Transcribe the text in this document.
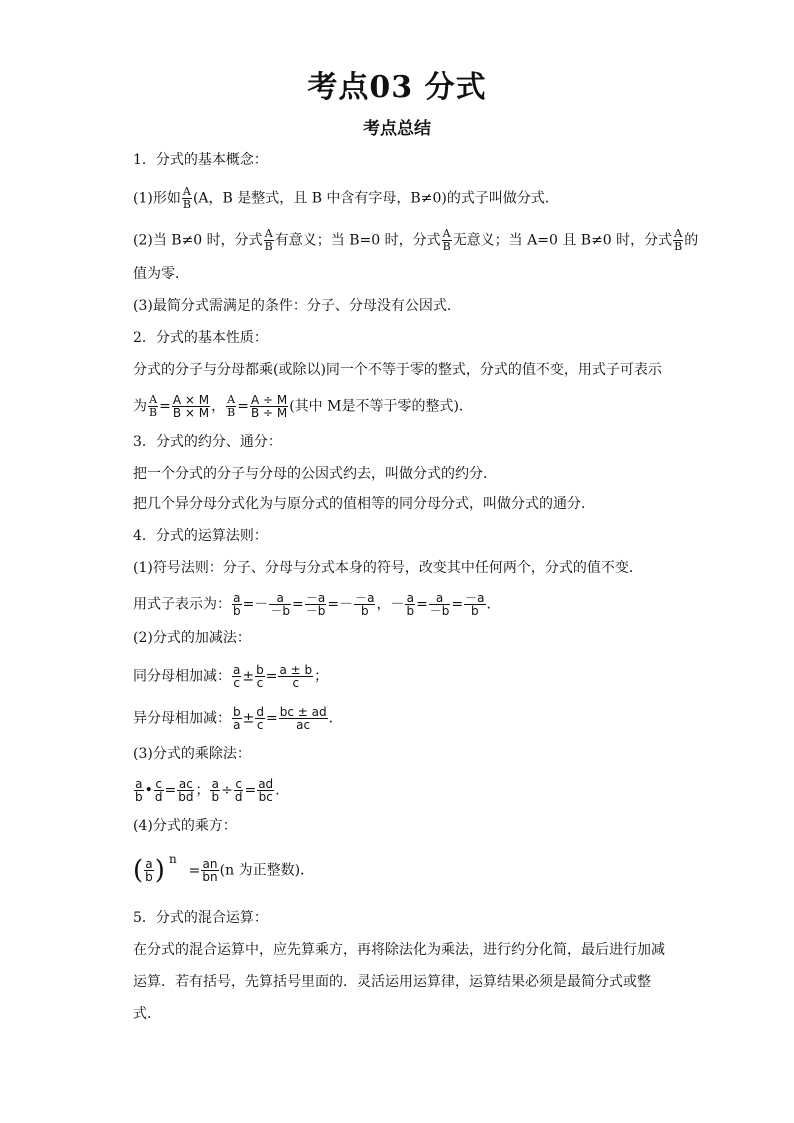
考点03 分式
考点总结
1．分式的基本概念：
(1)形如 $\frac{A}{B} (A$，B 是整式，且 B 中含有字母，B≠0)的式子叫做分式．
(2)当 B≠0 时，分式 $\frac{A}{B}$ 有意义；当 B=0 时，分式 $\frac{A}{B}$ 无意义；当 A=0 且 B≠0 时，分式 $\frac{A}{B}$ 的
值为零．
(3)最简分式需满足的条件：分子、分母没有公因式．
2．分式的基本性质：
分式的分子与分母都乘(或除以)同一个不等于零的整式，分式的值不变，用式子可表示
为 $\frac{A}{B} = \frac{A \times M}{B \times M}$ ， $\frac{A}{B} = \frac{A \div M}{B \div M}$ (其中 M是不等于零的整式)．
3．分式的约分、通分：
把一个分式的分子与分母的公因式约去，叫做分式的约分．
把几个异分母分式化为与原分式的值相等的同分母分式，叫做分式的通分．
4．分式的运算法则：
(1)符号法则：分子、分母与分式本身的符号，改变其中任何两个，分式的值不变．
用式子表示为： $\frac{a}{b} =- \frac{a}{-b} = \frac{-a}{-b} =- \frac{-a}{b}$ ，－ $\frac{a}{b} = \frac{a}{-b} = \frac{-a}{b}$ ．
(2)分式的加减法：
同分母相加减： $\frac{a}{c} \pm \frac{b}{c} = \frac{a \pm b}{c}$ ；
异分母相加减： $\frac{b}{a} \pm \frac{d}{c} = \frac{bc \pm ad}{ac}$ ．
(3)分式的乘除法：
$\frac{a}{b}$ • $\frac{c}{d} = \frac{ac}{bd}$ ； $\frac{a}{b} \div \frac{c}{d} = \frac{ad}{bc}$ ．
(4)分式的乘方：
( $\frac{a}{b}$ ) $n= \frac{an}{bn} (n$ 为正整数)．
5．分式的混合运算：
在分式的混合运算中，应先算乘方，再将除法化为乘法，进行约分化简，最后进行加减
运算．若有括号，先算括号里面的．灵活运用运算律，运算结果必须是最简分式或整
式．
